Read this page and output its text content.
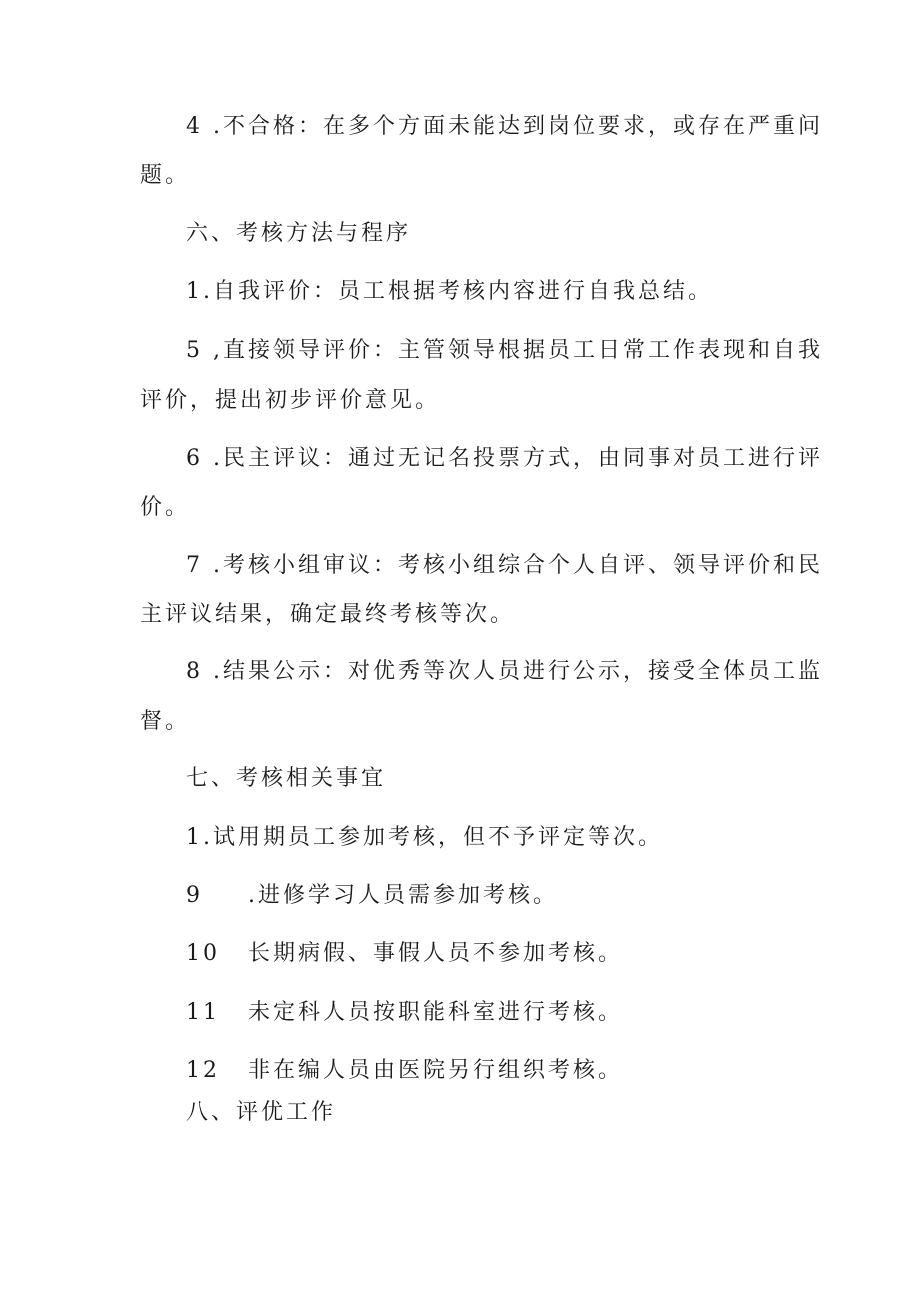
4 .不合格：在多个方面未能达到岗位要求，或存在严重问
题。
六、考核方法与程序
1.自我评价：员工根据考核内容进行自我总结。
5 ,直接领导评价：主管领导根据员工日常工作表现和自我
评价，提出初步评价意见。
6 .民主评议：通过无记名投票方式，由同事对员工进行评
价。
7 .考核小组审议：考核小组综合个人自评、领导评价和民
主评议结果，确定最终考核等次。
8 .结果公示：对优秀等次人员进行公示，接受全体员工监
督。
七、考核相关事宜
1.试用期员工参加考核，但不予评定等次。
9 .进修学习人员需参加考核。
10 长期病假、事假人员不参加考核。
11 未定科人员按职能科室进行考核。
12 非在编人员由医院另行组织考核。
八、评优工作
